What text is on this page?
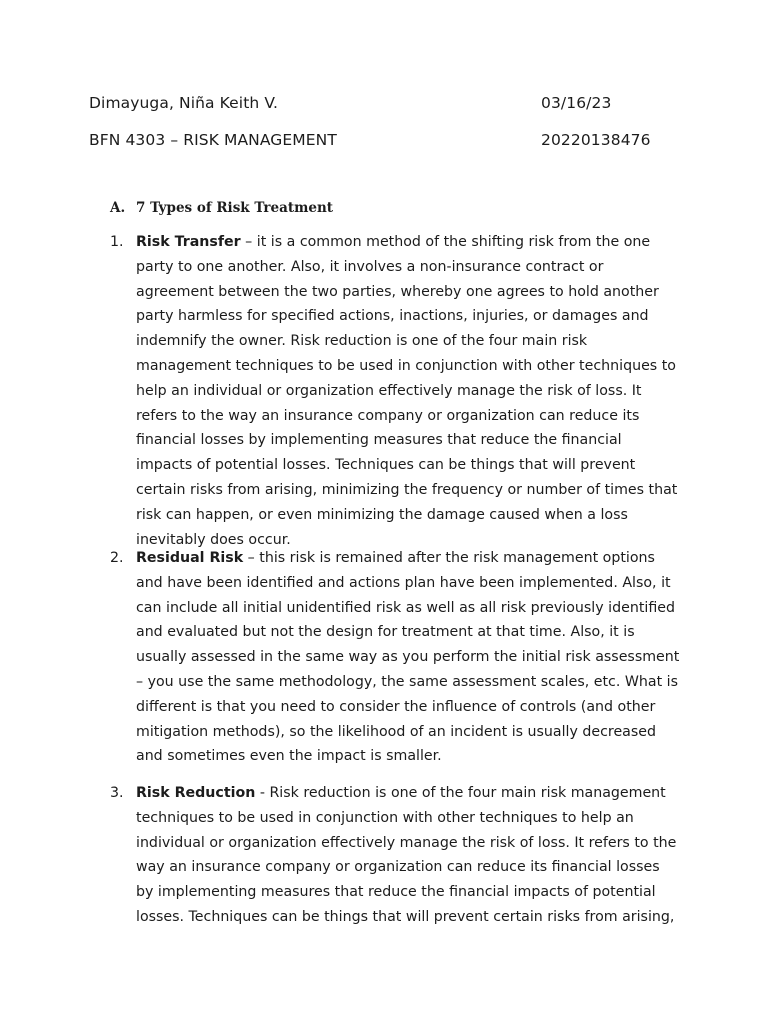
Dimayuga, Niña Keith V.	03/16/23
BFN 4303 – RISK MANAGEMENT	20220138476
A. 7 Types of Risk Treatment
1. Risk Transfer – it is a common method of the shifting risk from the one party to one another. Also, it involves a non-insurance contract or agreement between the two parties, whereby one agrees to hold another party harmless for specified actions, inactions, injuries, or damages and indemnify the owner. Risk reduction is one of the four main risk management techniques to be used in conjunction with other techniques to help an individual or organization effectively manage the risk of loss. It refers to the way an insurance company or organization can reduce its financial losses by implementing measures that reduce the financial impacts of potential losses. Techniques can be things that will prevent certain risks from arising, minimizing the frequency or number of times that risk can happen, or even minimizing the damage caused when a loss inevitably does occur.
2. Residual Risk – this risk is remained after the risk management options and have been identified and actions plan have been implemented. Also, it can include all initial unidentified risk as well as all risk previously identified and evaluated but not the design for treatment at that time. Also, it is usually assessed in the same way as you perform the initial risk assessment – you use the same methodology, the same assessment scales, etc. What is different is that you need to consider the influence of controls (and other mitigation methods), so the likelihood of an incident is usually decreased and sometimes even the impact is smaller.
3. Risk Reduction - Risk reduction is one of the four main risk management techniques to be used in conjunction with other techniques to help an individual or organization effectively manage the risk of loss. It refers to the way an insurance company or organization can reduce its financial losses by implementing measures that reduce the financial impacts of potential losses. Techniques can be things that will prevent certain risks from arising,
